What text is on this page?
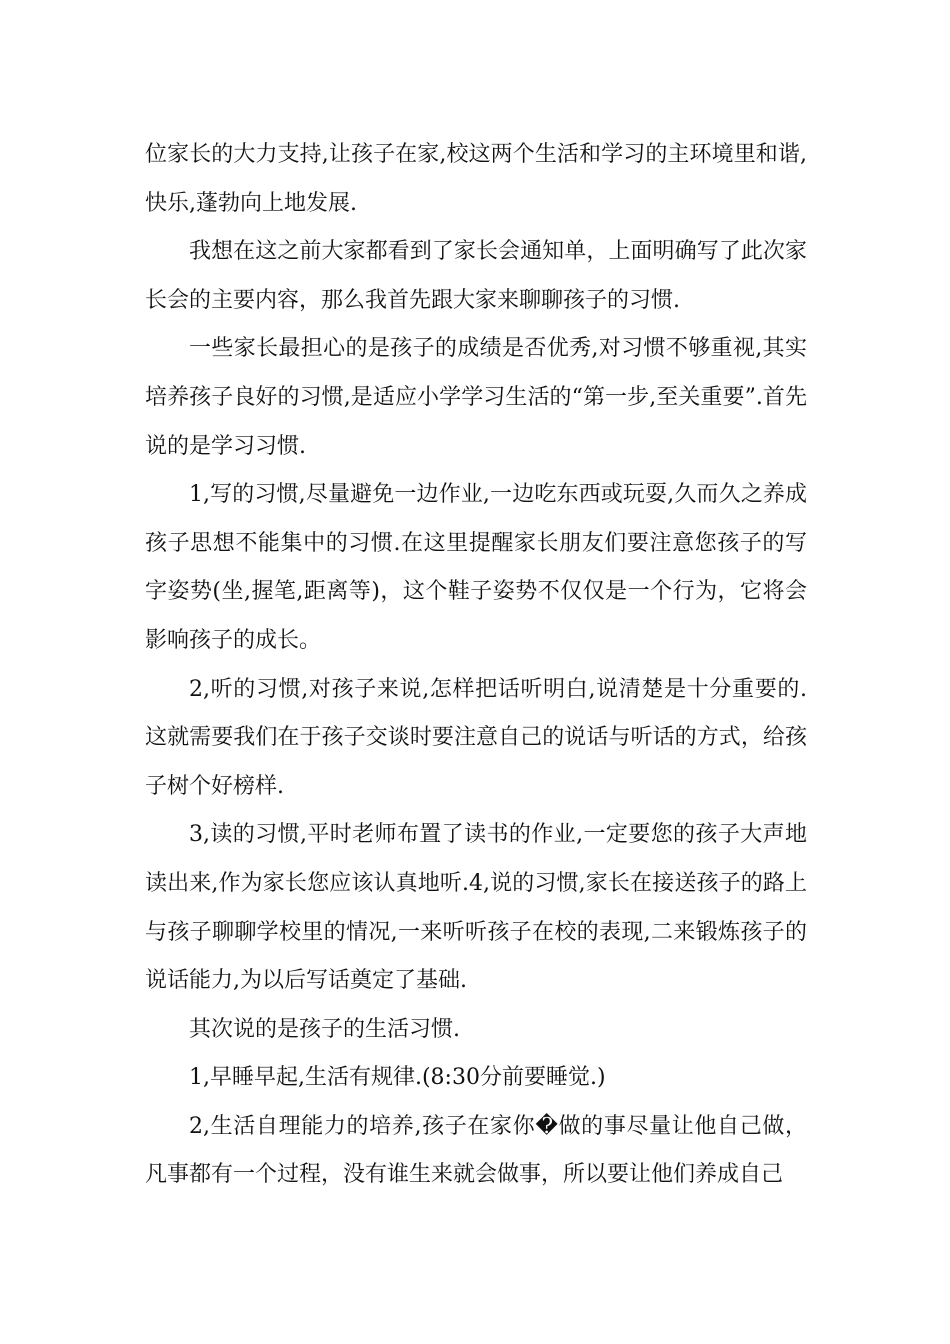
位家长的大力支持,让孩子在家,校这两个生活和学习的主环境里和谐,快乐,蓬勃向上地发展.

我想在这之前大家都看到了家长会通知单，上面明确写了此次家长会的主要内容，那么我首先跟大家来聊聊孩子的习惯.

一些家长最担心的是孩子的成绩是否优秀,对习惯不够重视,其实培养孩子良好的习惯,是适应小学学习生活的“第一步,至关重要”.首先说的是学习习惯.

1,写的习惯,尽量避免一边作业,一边吃东西或玩耍,久而久之养成孩子思想不能集中的习惯.在这里提醒家长朋友们要注意您孩子的写字姿势(坐,握笔,距离等)，这个鞋子姿势不仅仅是一个行为，它将会影响孩子的成长。

2,听的习惯,对孩子来说,怎样把话听明白,说清楚是十分重要的.这就需要我们在于孩子交谈时要注意自己的说话与听话的方式，给孩子树个好榜样.

3,读的习惯,平时老师布置了读书的作业,一定要您的孩子大声地读出来,作为家长您应该认真地听.4,说的习惯,家长在接送孩子的路上与孩子聊聊学校里的情况,一来听听孩子在校的表现,二来锻炼孩子的说话能力,为以后写话奠定了基础.

其次说的是孩子的生活习惯.

1,早睡早起,生活有规律.(8:30分前要睡觉.)

2,生活自理能力的培养,孩子在家你�做的事尽量让他自己做，凡事都有一个过程，没有谁生来就会做事，所以要让他们养成自己
